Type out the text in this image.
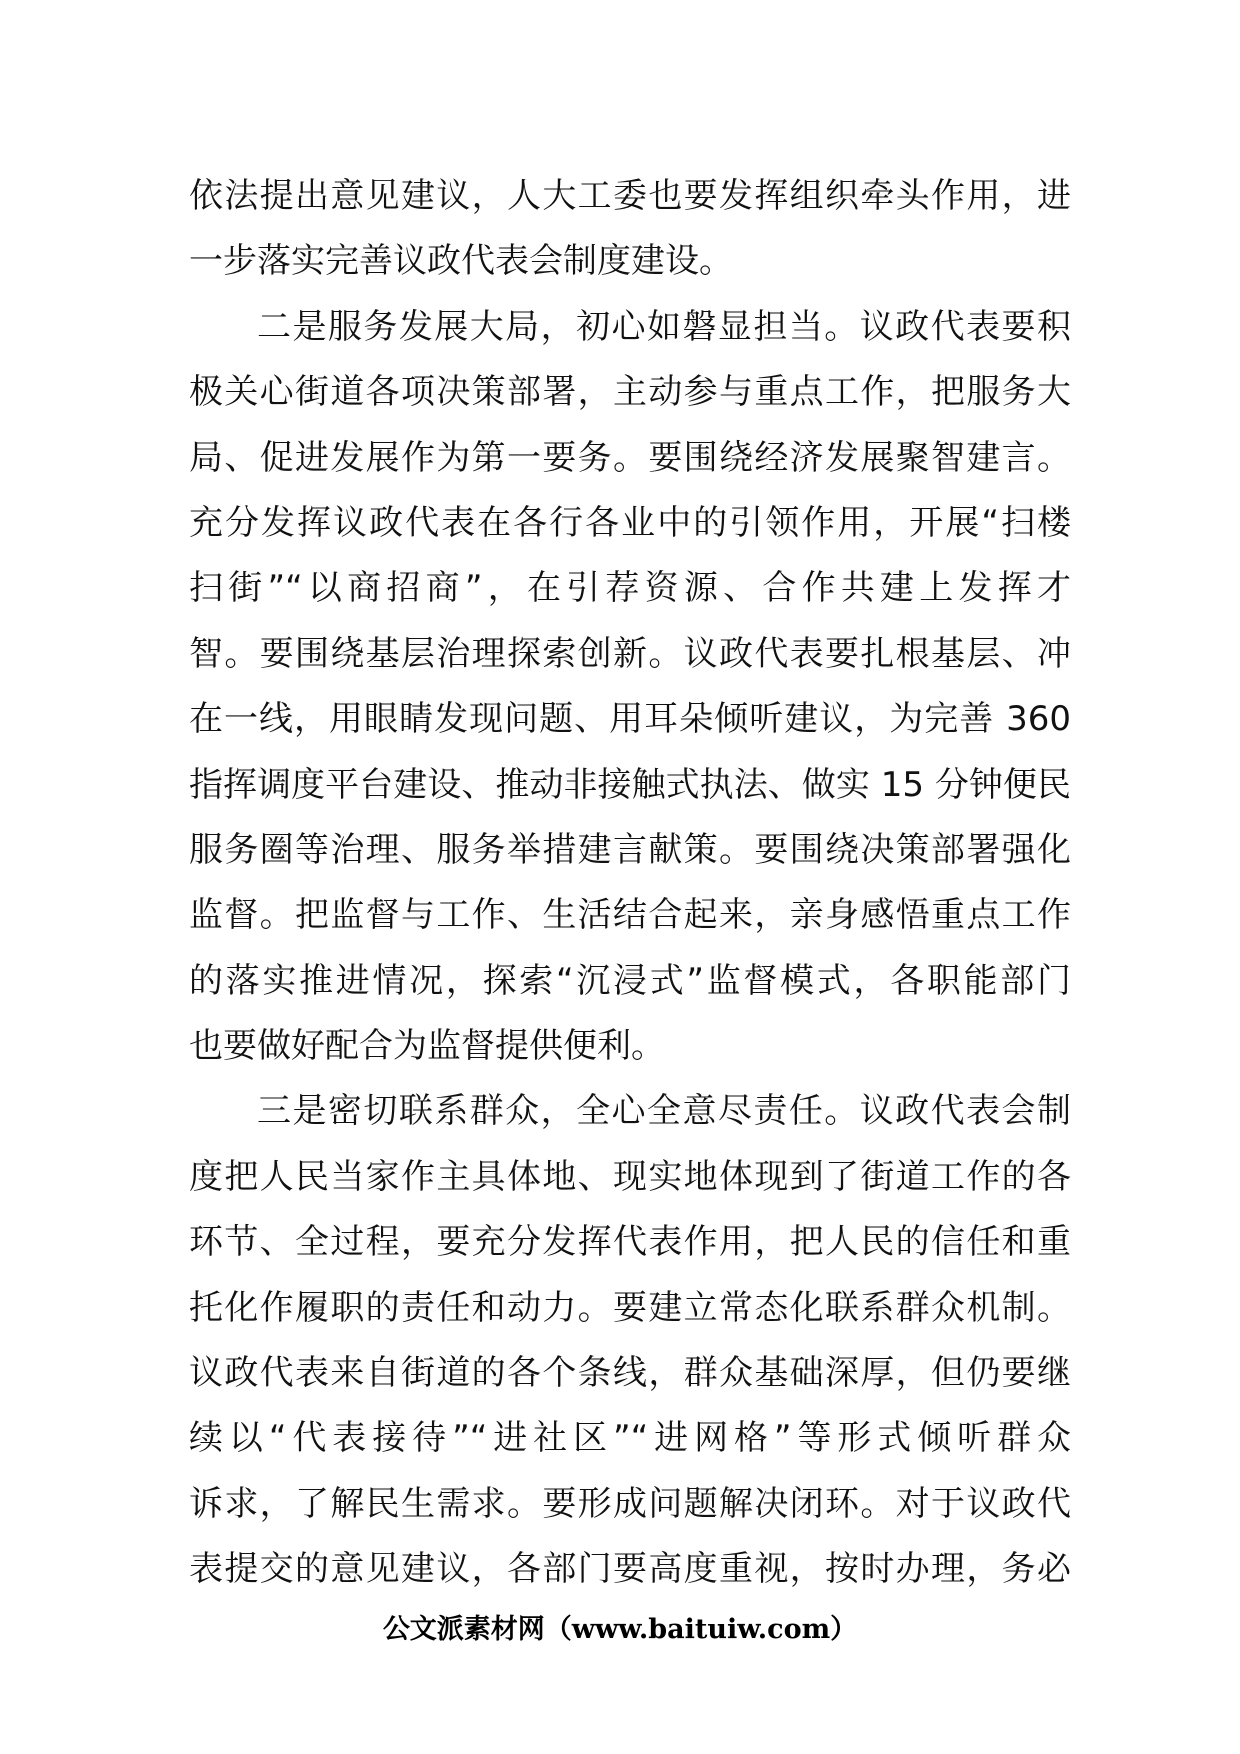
依法提出意见建议，人大工委也要发挥组织牵头作用，进
一步落实完善议政代表会制度建设。
二是服务发展大局，初心如磐显担当。议政代表要积
极关心街道各项决策部署，主动参与重点工作，把服务大
局、促进发展作为第一要务。要围绕经济发展聚智建言。
充分发挥议政代表在各行各业中的引领作用，开展“扫楼
扫街”“以商招商”，在引荐资源、合作共建上发挥才
智。要围绕基层治理探索创新。议政代表要扎根基层、冲
在一线，用眼睛发现问题、用耳朵倾听建议，为完善 360
指挥调度平台建设、推动非接触式执法、做实 15 分钟便民
服务圈等治理、服务举措建言献策。要围绕决策部署强化
监督。把监督与工作、生活结合起来，亲身感悟重点工作
的落实推进情况，探索“沉浸式”监督模式，各职能部门
也要做好配合为监督提供便利。
三是密切联系群众，全心全意尽责任。议政代表会制
度把人民当家作主具体地、现实地体现到了街道工作的各
环节、全过程，要充分发挥代表作用，把人民的信任和重
托化作履职的责任和动力。要建立常态化联系群众机制。
议政代表来自街道的各个条线，群众基础深厚，但仍要继
续以“代表接待”“进社区”“进网格”等形式倾听群众
诉求，了解民生需求。要形成问题解决闭环。对于议政代
表提交的意见建议，各部门要高度重视，按时办理，务必
公文派素材网（www.baituiw.com）
